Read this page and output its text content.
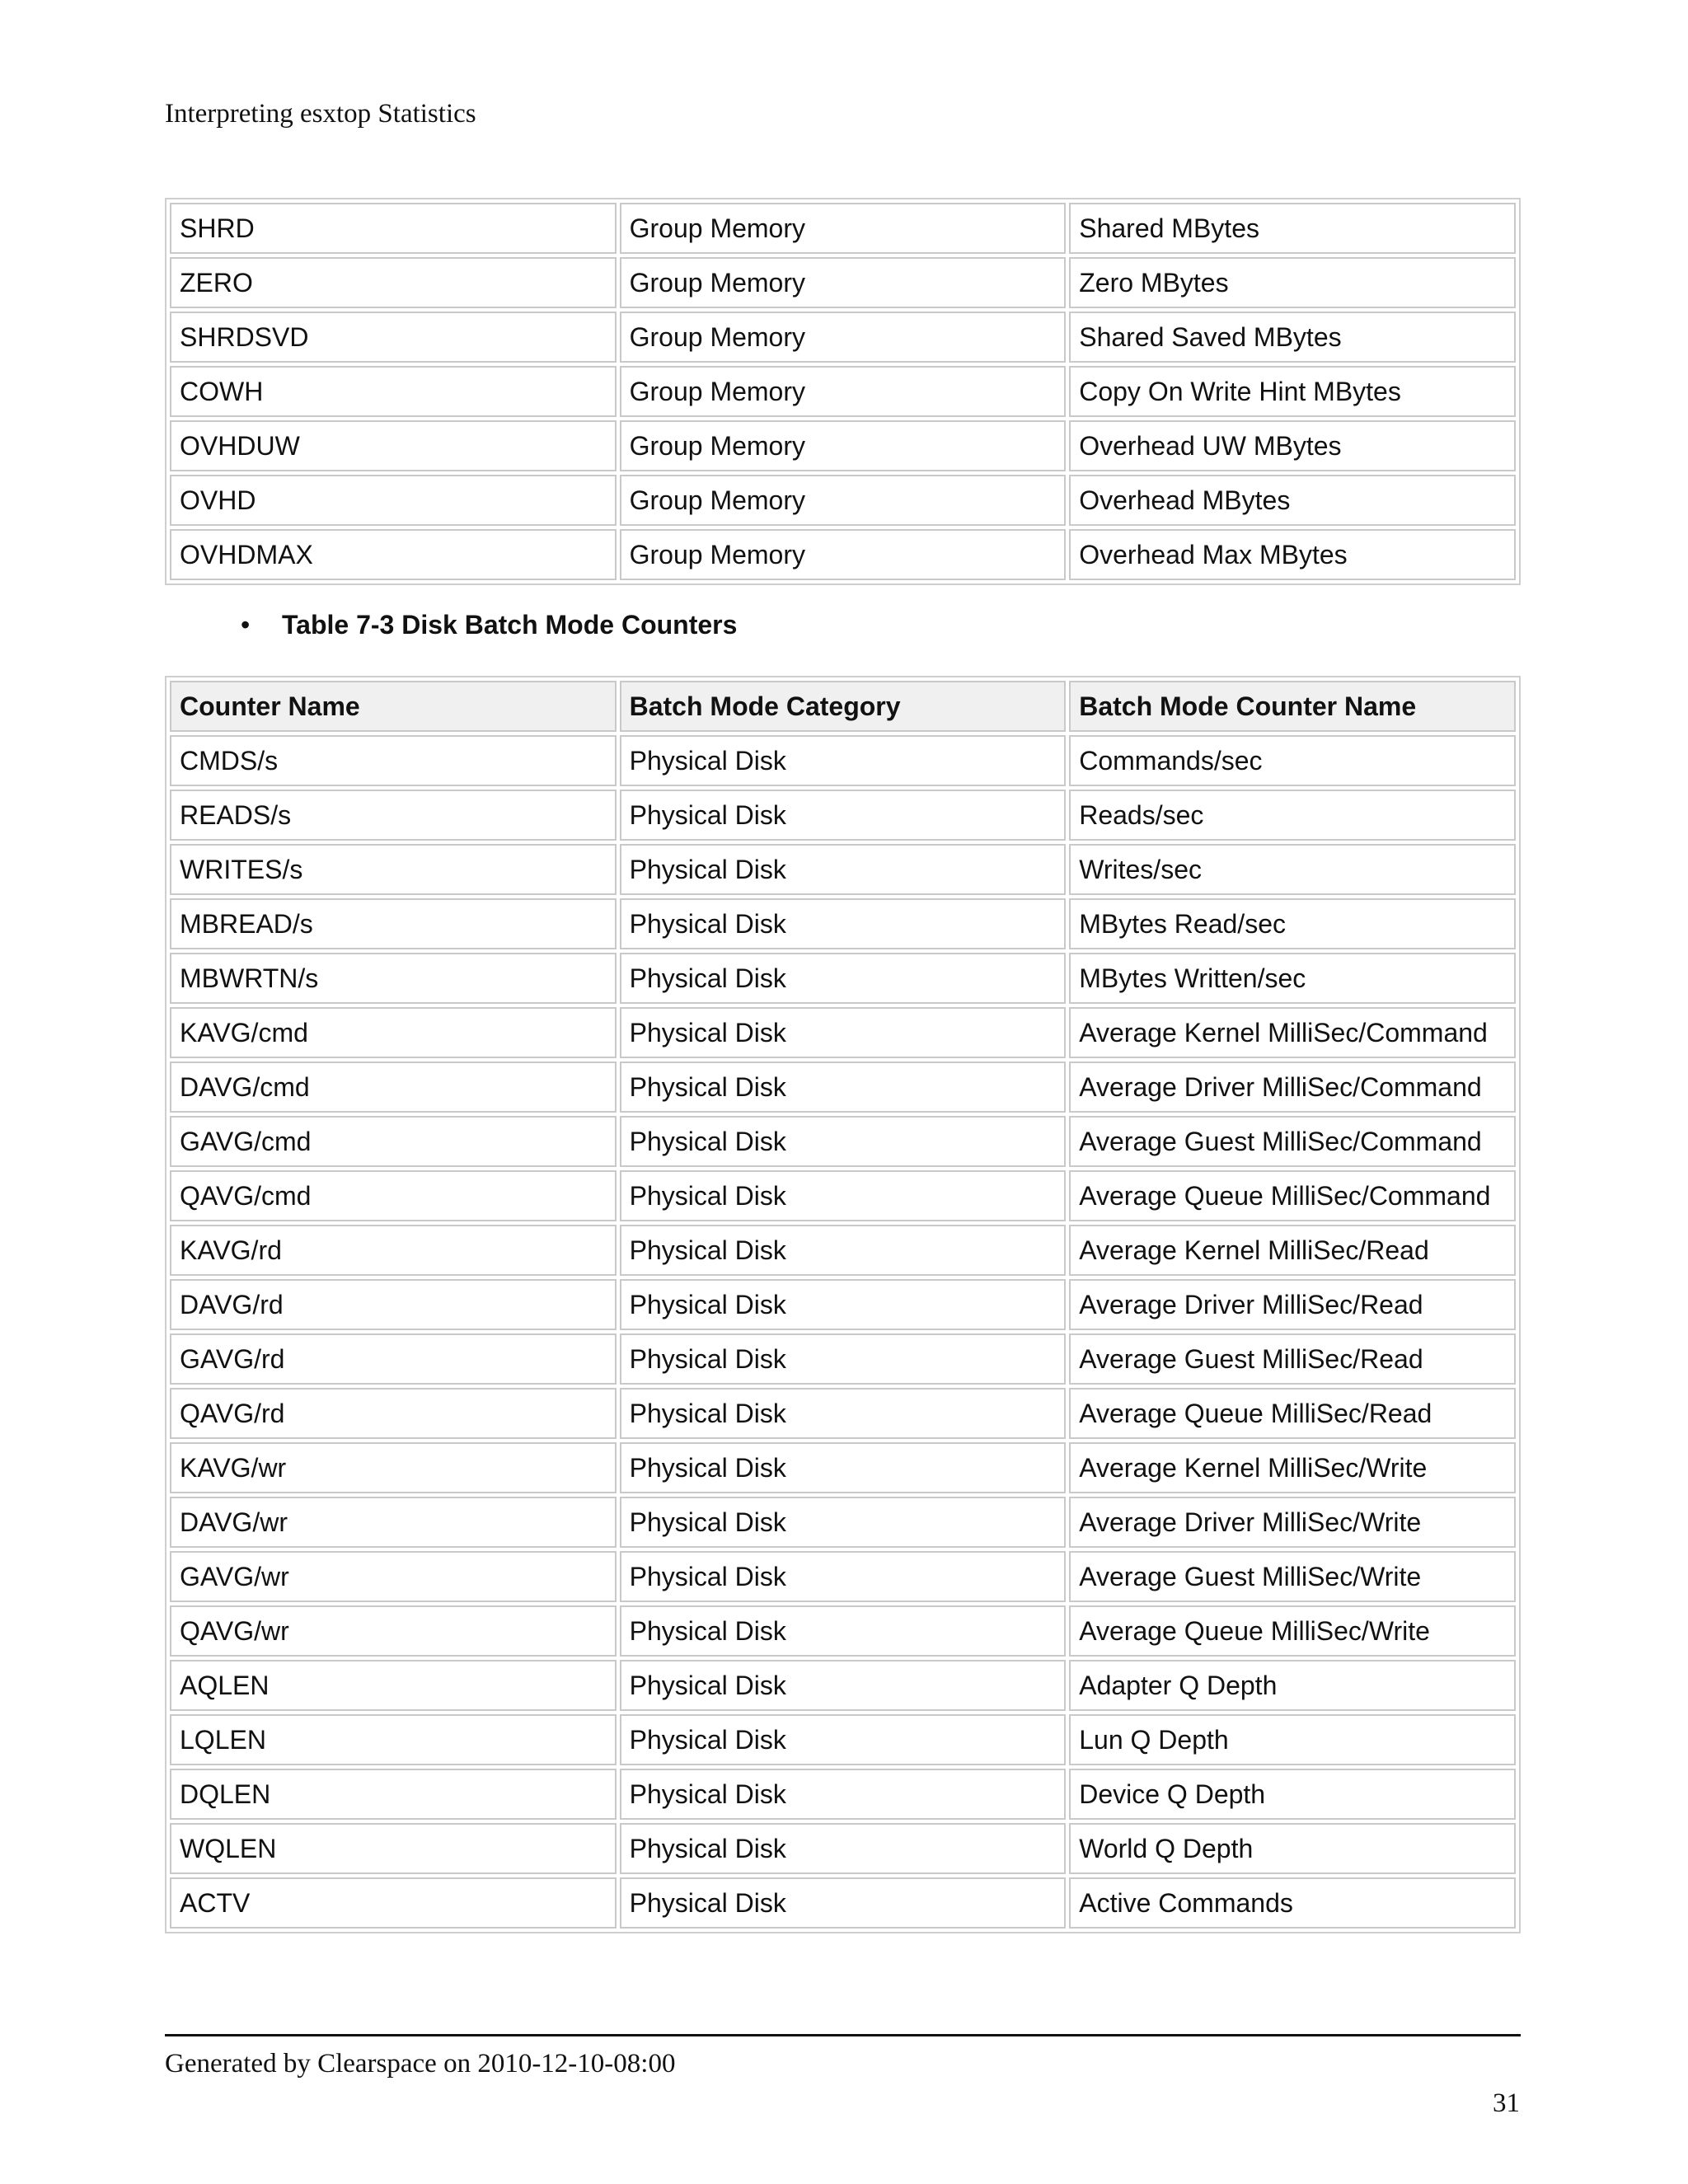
Interpreting esxtop Statistics
SHRD	Group Memory	Shared MBytes
ZERO	Group Memory	Zero MBytes
SHRDSVD	Group Memory	Shared Saved MBytes
COWH	Group Memory	Copy On Write Hint MBytes
OVHDUW	Group Memory	Overhead UW MBytes
OVHD	Group Memory	Overhead MBytes
OVHDMAX	Group Memory	Overhead Max MBytes
• Table 7-3 Disk Batch Mode Counters
Counter Name	Batch Mode Category	Batch Mode Counter Name
CMDS/s	Physical Disk	Commands/sec
READS/s	Physical Disk	Reads/sec
WRITES/s	Physical Disk	Writes/sec
MBREAD/s	Physical Disk	MBytes Read/sec
MBWRTN/s	Physical Disk	MBytes Written/sec
KAVG/cmd	Physical Disk	Average Kernel MilliSec/Command
DAVG/cmd	Physical Disk	Average Driver MilliSec/Command
GAVG/cmd	Physical Disk	Average Guest MilliSec/Command
QAVG/cmd	Physical Disk	Average Queue MilliSec/Command
KAVG/rd	Physical Disk	Average Kernel MilliSec/Read
DAVG/rd	Physical Disk	Average Driver MilliSec/Read
GAVG/rd	Physical Disk	Average Guest MilliSec/Read
QAVG/rd	Physical Disk	Average Queue MilliSec/Read
KAVG/wr	Physical Disk	Average Kernel MilliSec/Write
DAVG/wr	Physical Disk	Average Driver MilliSec/Write
GAVG/wr	Physical Disk	Average Guest MilliSec/Write
QAVG/wr	Physical Disk	Average Queue MilliSec/Write
AQLEN	Physical Disk	Adapter Q Depth
LQLEN	Physical Disk	Lun Q Depth
DQLEN	Physical Disk	Device Q Depth
WQLEN	Physical Disk	World Q Depth
ACTV	Physical Disk	Active Commands
Generated by Clearspace on 2010-12-10-08:00
31
